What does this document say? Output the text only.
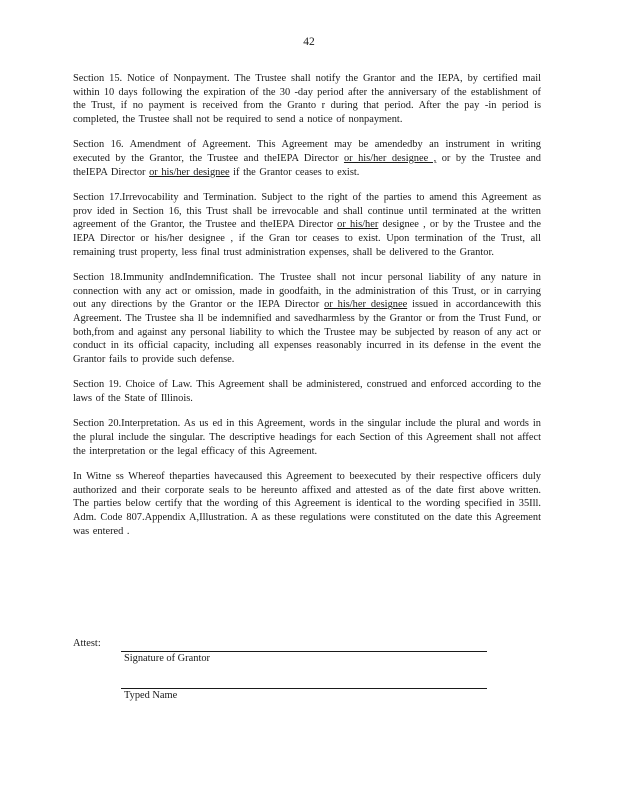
42

Section 15. Notice of Nonpayment. The Trustee shall notify the Grantor and the IEPA, by certified mail within 10 days following the expiration of the 30 -day period after the anniversary of the establishment of the Trust, if no payment is received from the Granto r during that period. After the pay -in period is completed, the Trustee shall not be required to send a notice of nonpayment.

Section 16. Amendment of Agreement. This Agreement may be amendedby an instrument in writing executed by the Grantor, the Trustee and theIEPA Director or his/her designee , or by the Trustee and theIEPA Director or his/her designee if the Grantor ceases to exist.

Section 17.Irrevocability and Termination. Subject to the right of the parties to amend this Agreement as prov ided in Section 16, this Trust shall be irrevocable and shall continue until terminated at the written agreement of the Grantor, the Trustee and theIEPA Director or his/her designee , or by the Trustee and the IEPA Director or his/her designee , if the Gran tor ceases to exist. Upon termination of the Trust, all remaining trust property, less final trust administration expenses, shall be delivered to the Grantor.

Section 18.Immunity andIndemnification. The Trustee shall not incur personal liability of any nature in connection with any act or omission, made in goodfaith, in the administration of this Trust, or in carrying out any directions by the Grantor or the IEPA Director or his/her designee issued in accordancewith this Agreement. The Trustee sha ll be indemnified and savedharmless by the Grantor or from the Trust Fund, or both,from and against any personal liability to which the Trustee may be subjected by reason of any act or conduct in its official capacity, including all expenses reasonably incurred in its defense in the event the Grantor fails to provide such defense.

Section 19. Choice of Law. This Agreement shall be administered, construed and enforced according to the laws of the State of Illinois.

Section 20.Interpretation. As us ed in this Agreement, words in the singular include the plural and words in the plural include the singular. The descriptive headings for each Section of this Agreement shall not affect the interpretation or the legal efficacy of this Agreement.

In Witne ss Whereof theparties havecaused this Agreement to beexecuted by their respective officers duly authorized and their corporate seals to be hereunto affixed and attested as of the date first above written. The parties below certify that the wording of this Agreement is identical to the wording specified in 35Ill. Adm. Code 807.Appendix A,Illustration. A as these regulations were constituted on the date this Agreement was entered .

Attest:
Signature of Grantor
Typed Name
